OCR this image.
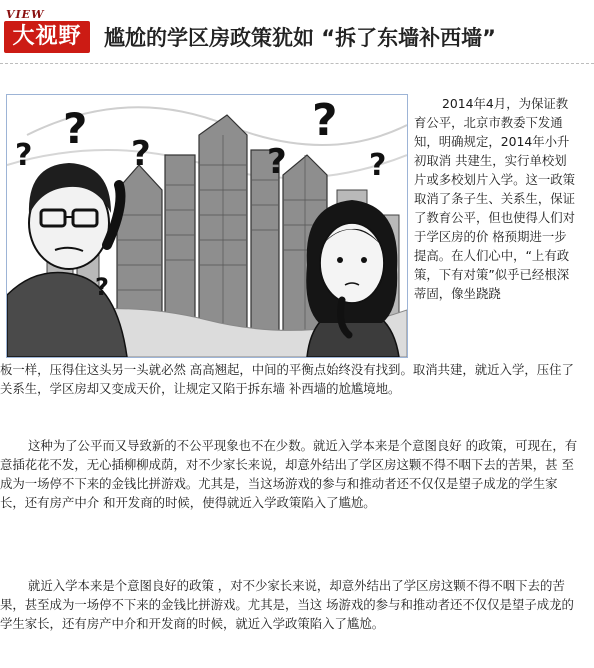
VIEW
大视野	尴尬的学区房政策犹如 “拆了东墙补西墙”
?
?	?	?
?
?
?

2014年4月，为保证教育公平，北京市教委下发通知，明确规定，2014年小升初取消 共建生，实行单校划片或多校划片入学。这一政策取消了条子生、关系生，保证了教育公平，但也使得人们对于学区房的价 格预期进一步提高。在人们心中，“上有政策，下有对策”似乎已经根深蒂固，像坐跷跷

板一样，压得住这头另一头就必然 高高翘起，中间的平衡点始终没有找到。取消共建，就近入学，压住了关系生，学区房却又变成天价，让规定又陷于拆东墙 补西墙的尬尴境地。

这种为了公平而又导致新的不公平现象也不在少数。就近入学本来是个意图良好 的政策，可现在，有意插花花不发，无心插柳柳成荫，对不少家长来说，却意外结出了学区房这颗不得不咽下去的苦果，甚 至成为一场停不下来的金钱比拼游戏。尤其是，当这场游戏的参与和推动者还不仅仅是望子成龙的学生家长，还有房产中介 和开发商的时候，使得就近入学政策陷入了尴尬。

就近入学本来是个意图良好的政策 ，对不少家长来说，却意外结出了学区房这颗不得不咽下去的苦果，甚至成为一场停不下来的金钱比拼游戏。尤其是，当这 场游戏的参与和推动者还不仅仅是望子成龙的学生家长，还有房产中介和开发商的时候，就近入学政策陷入了尴尬。
